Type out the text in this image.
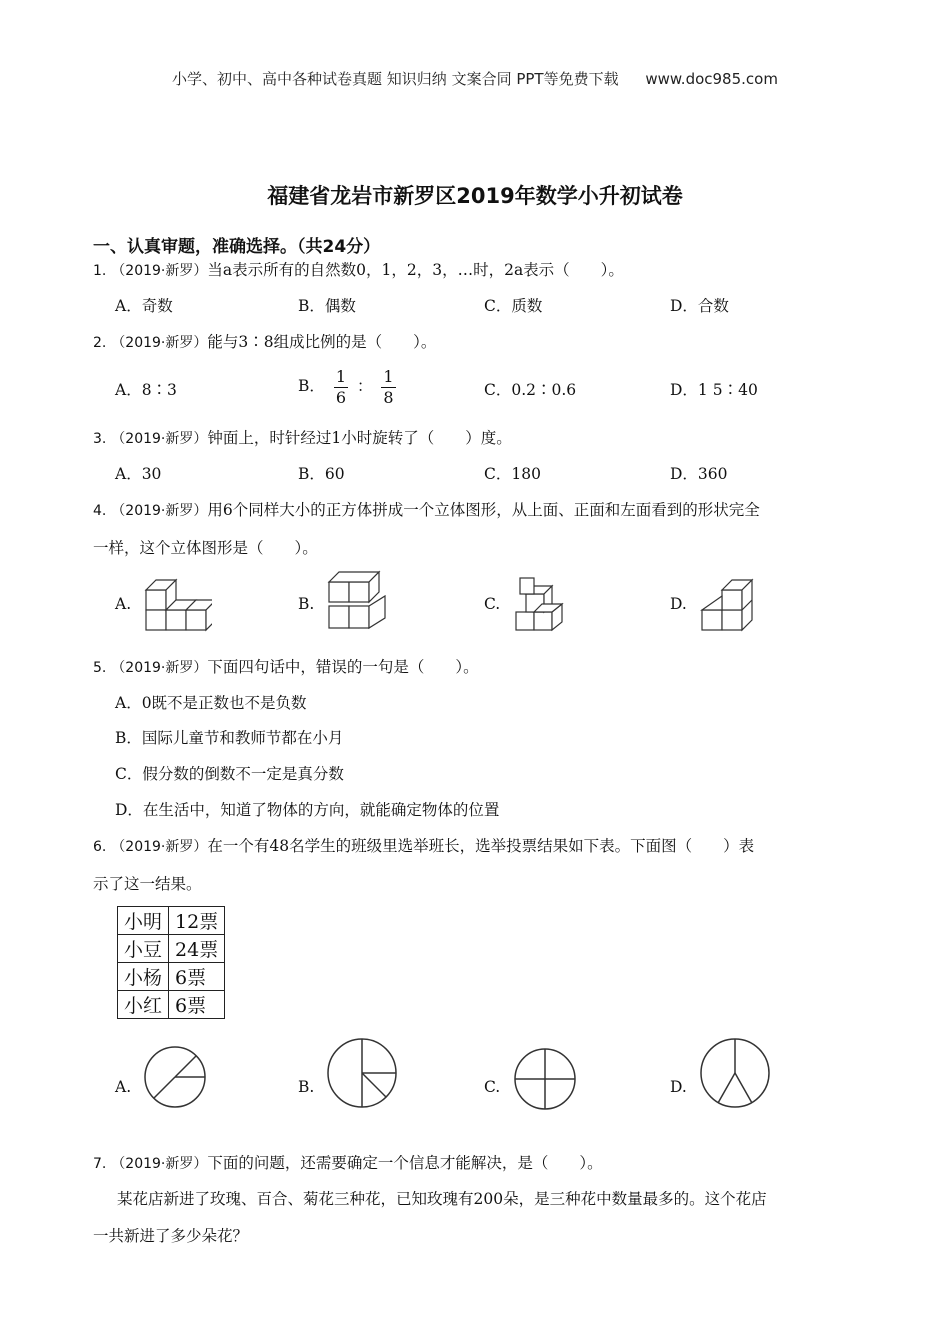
小学、初中、高中各种试卷真题 知识归纳 文案合同 PPT等免费下载 www.doc985.com
福建省龙岩市新罗区2019年数学小升初试卷
一、认真审题，准确选择。（共24分）
1. （2019·新罗）当a表示所有的自然数0，1，2，3，…时，2a表示（　　）。
A．奇数	B．偶数	C．质数	D．合数
2. （2019·新罗）能与3∶8组成比例的是（　　）。
A．8∶3	B． $\frac{1}{6}$ ： $\frac{1}{8}$	C．0.2∶0.6	D．1 5∶40
3. （2019·新罗）钟面上，时针经过1小时旋转了（　　）度。
A．30	B．60	C．180	D．360
4. （2019·新罗）用6个同样大小的正方体拼成一个立体图形，从上面、正面和左面看到的形状完全
一样，这个立体图形是（　　）。
A.	B.	C.	D.
5. （2019·新罗）下面四句话中，错误的一句是（　　）。
A．0既不是正数也不是负数
B．国际儿童节和教师节都在小月
C．假分数的倒数不一定是真分数
D．在生活中，知道了物体的方向，就能确定物体的位置
6. （2019·新罗）在一个有48名学生的班级里选举班长，选举投票结果如下表。下面图（　　）表
示了这一结果。
小明	12票
小豆	24票
小杨	6票
小红	6票
A.	B.	C.	D.
7. （2019·新罗）下面的问题，还需要确定一个信息才能解决，是（　　）。
某花店新进了玫瑰、百合、菊花三种花，已知玫瑰有200朵，是三种花中数量最多的。这个花店
一共新进了多少朵花？
